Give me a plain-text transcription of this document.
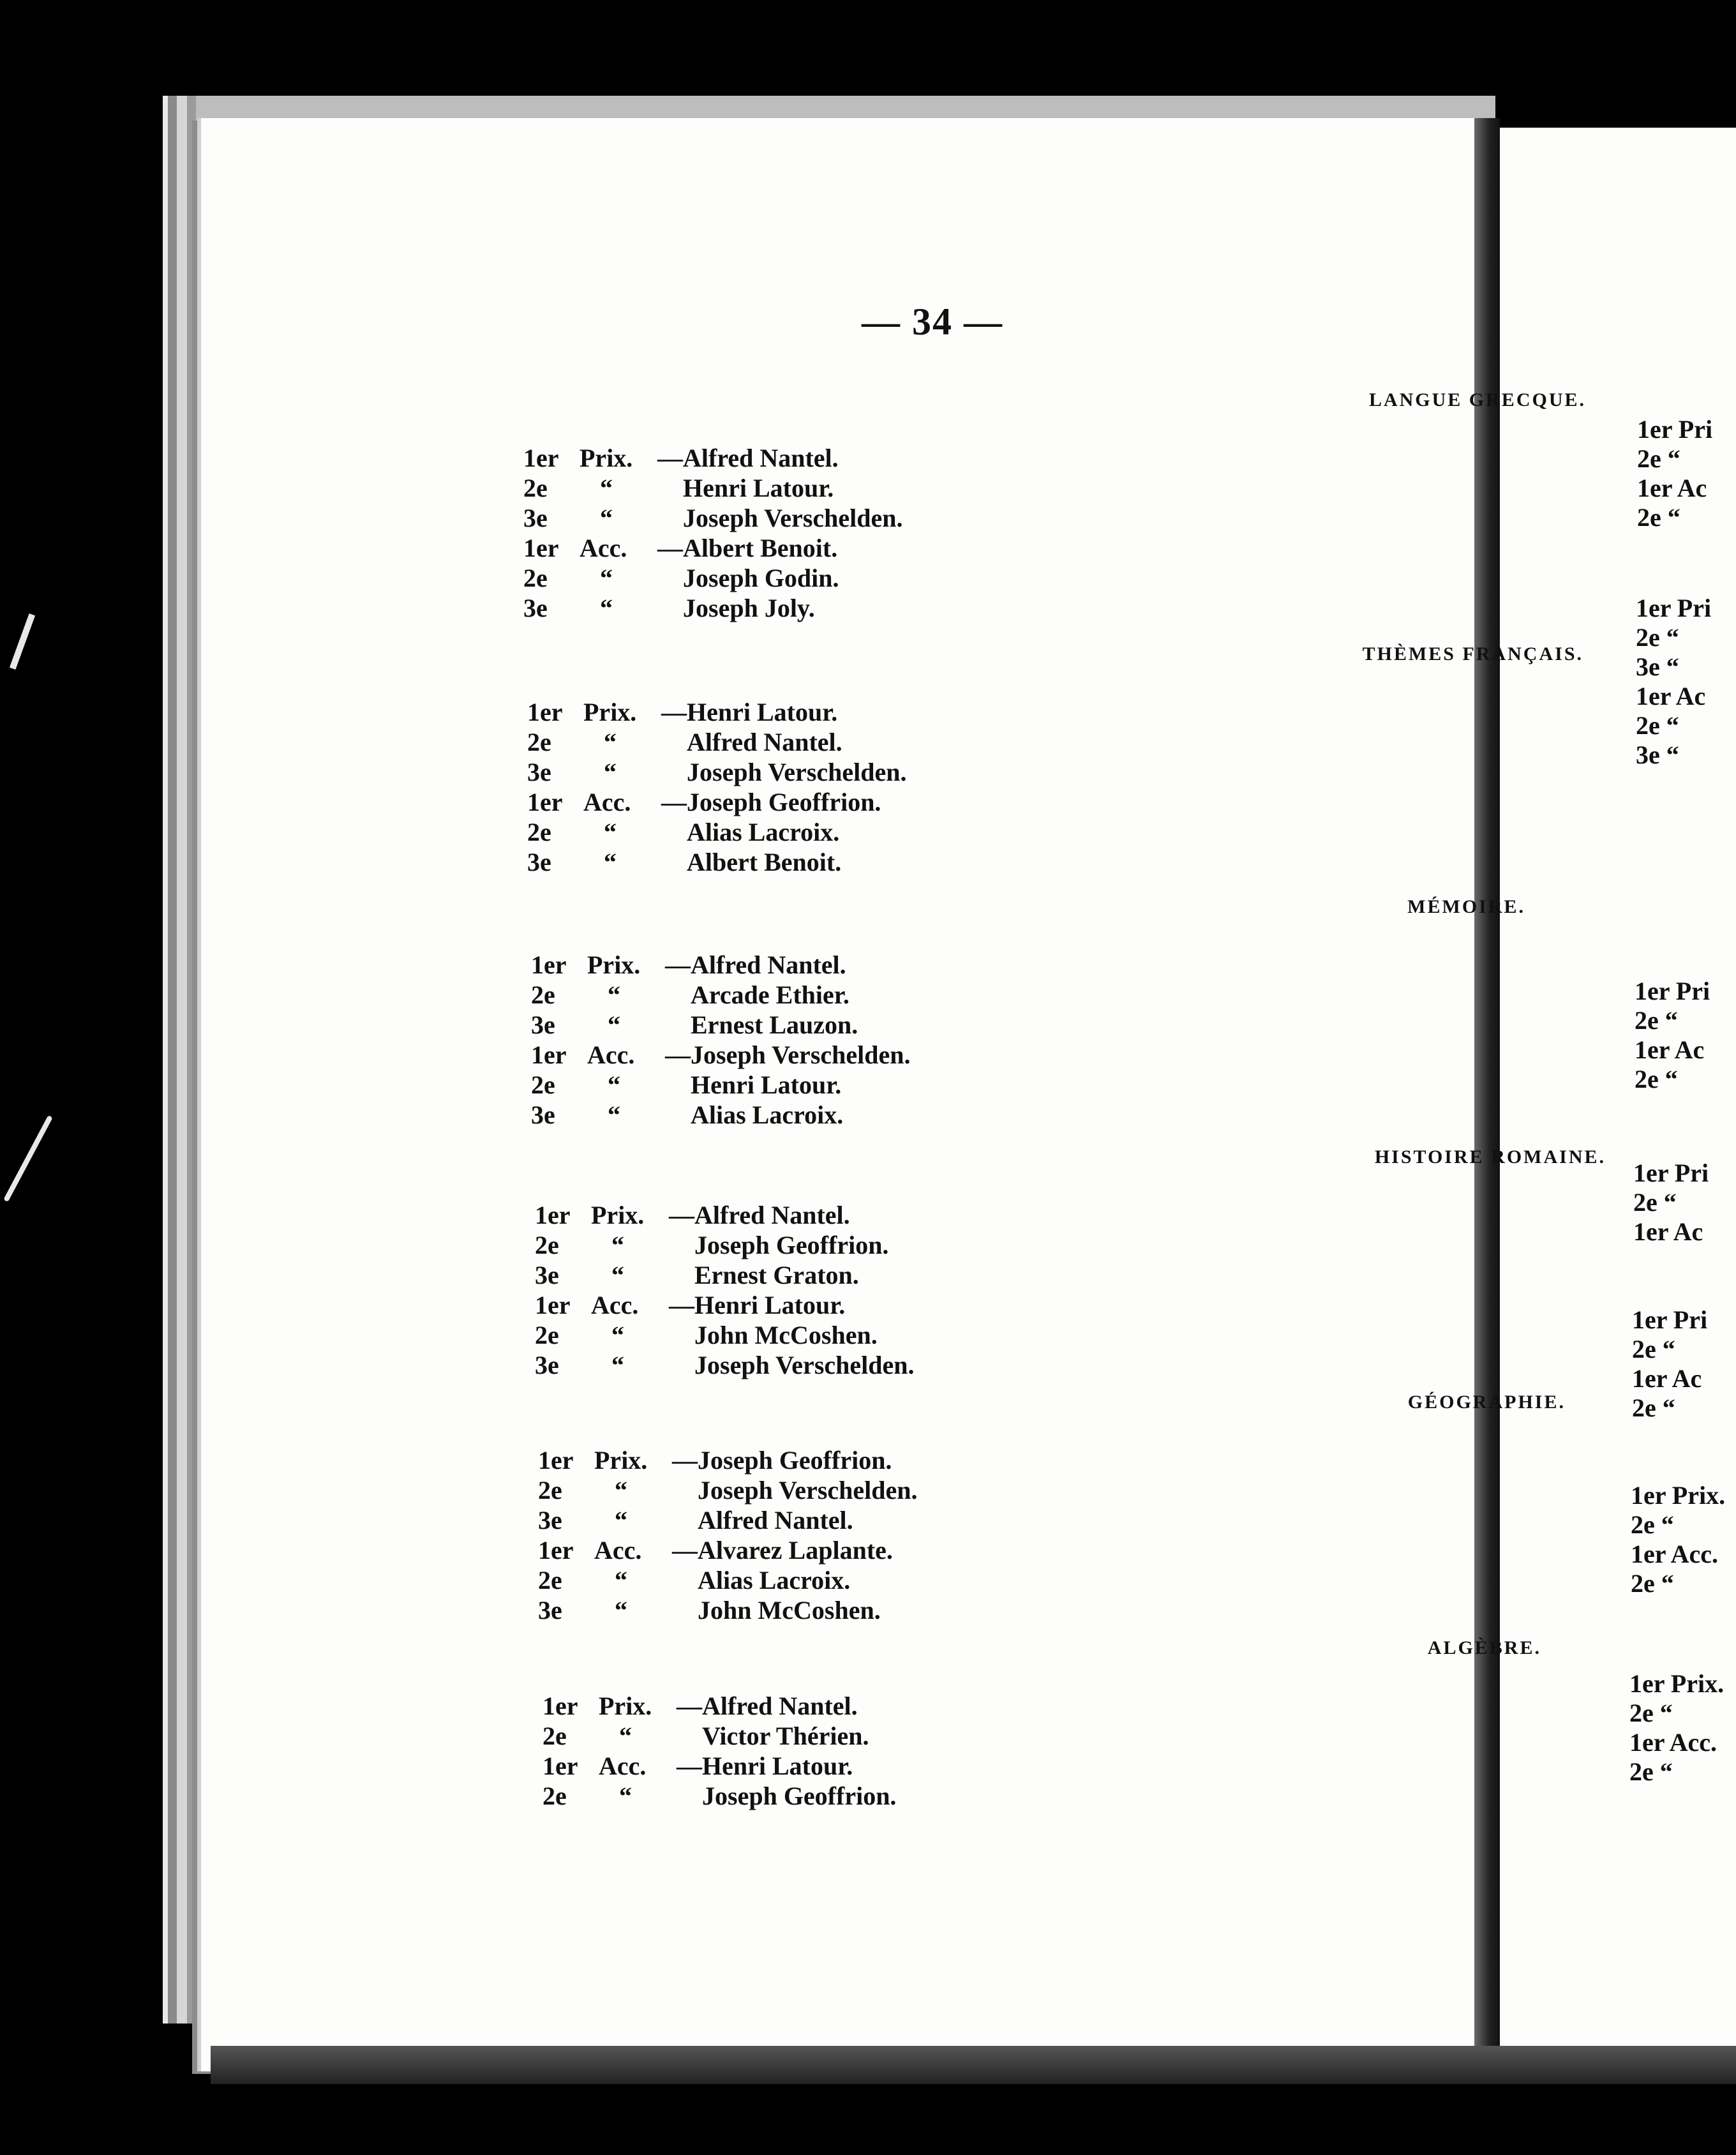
— 34 —
LANGUE GRECQUE.
1er Prix. —Alfred Nantel.
2e “	Henri Latour.
3e “	Joseph Verschelden.
1er Acc. —Albert Benoit.
2e “	Joseph Godin.
3e “	Joseph Joly.
THÈMES FRANÇAIS.
1er Prix. —Henri Latour.
2e “	Alfred Nantel.
3e “	Joseph Verschelden.
1er Acc. —Joseph Geoffrion.
2e “	Alias Lacroix.
3e “	Albert Benoit.
MÉMOIRE.
1er Prix. —Alfred Nantel.
2e “	Arcade Ethier.
3e “	Ernest Lauzon.
1er Acc. —Joseph Verschelden.
2e “	Henri Latour.
3e “	Alias Lacroix.
HISTOIRE ROMAINE.
1er Prix. —Alfred Nantel.
2e “	Joseph Geoffrion.
3e “	Ernest Graton.
1er Acc. —Henri Latour.
2e “	John McCoshen.
3e “	Joseph Verschelden.
GÉOGRAPHIE.
1er Prix. —Joseph Geoffrion.
2e “	Joseph Verschelden.
3e “	Alfred Nantel.
1er Acc. —Alvarez Laplante.
2e “	Alias Lacroix.
3e “	John McCoshen.
ALGÈBRE.
1er Prix. —Alfred Nantel.
2e “	Victor Thérien.
1er Acc. —Henri Latour.
2e “	Joseph Geoffrion.
1er Pri
2e “
1er Ac
2e “
1er Pri
2e “
3e “
1er Ac
2e “
3e “
1er Pri
2e “
1er Ac
2e “
1er Pri
2e “
1er Ac
1er Pri
2e “
1er Ac
2e “
1er Prix.
2e “
1er Acc.
2e “
1er Prix.
2e “
1er Acc.
2e “
